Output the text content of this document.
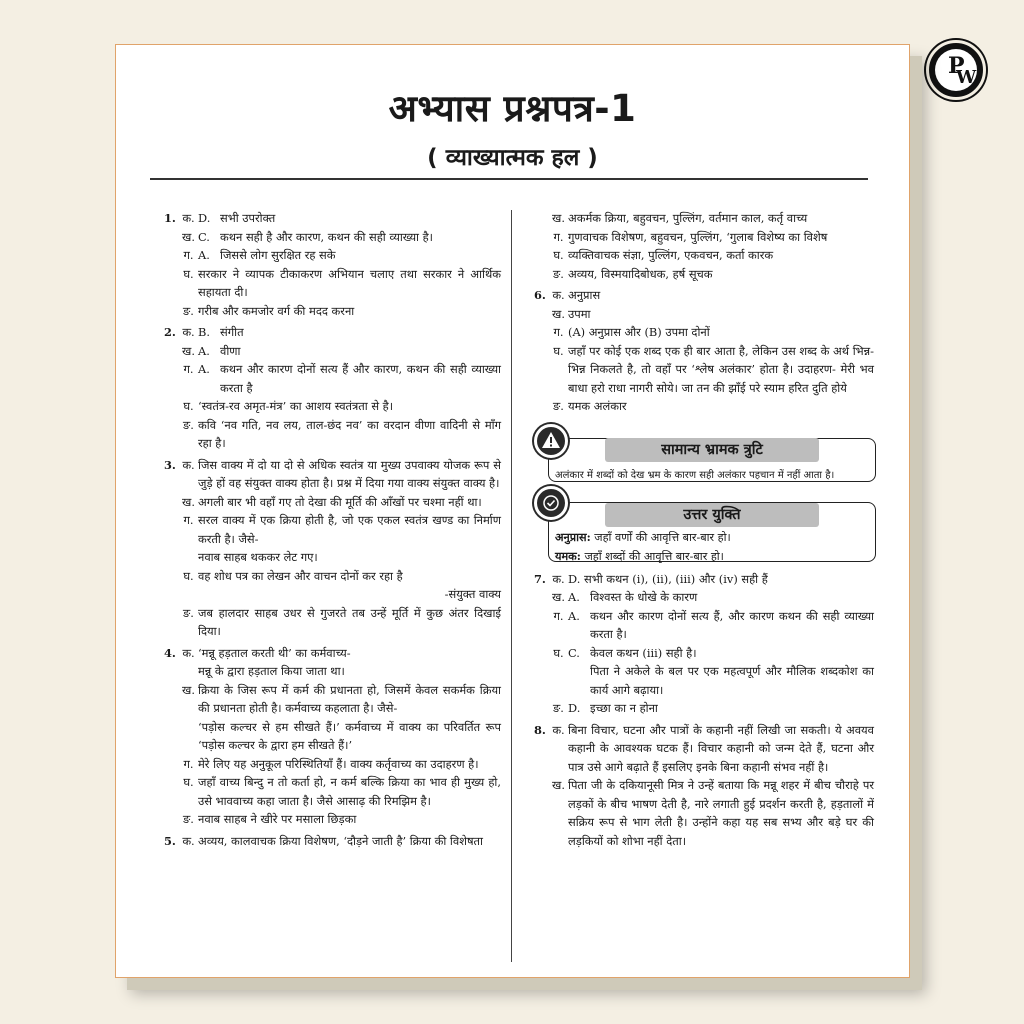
P
W
अभ्यास प्रश्नपत्र-1
( व्याख्यात्मक हल )
1. क. D. सभी उपरोक्त
ख. C. कथन सही है और कारण, कथन की सही व्याख्या है।
ग. A. जिससे लोग सुरक्षित रह सके
घ. सरकार ने व्यापक टीकाकरण अभियान चलाए तथा सरकार ने आर्थिक सहायता दी।
ङ. गरीब और कमजोर वर्ग की मदद करना
2. क. B. संगीत
ख. A. वीणा
ग. A. कथन और कारण दोनों सत्य हैं और कारण, कथन की सही व्याख्या करता है
घ. ‘स्वतंत्र-रव अमृत-मंत्र’ का आशय स्वतंत्रता से है।
ङ. कवि ‘नव गति, नव लय, ताल-छंद नव’ का वरदान वीणा वादिनी से माँग रहा है।
3. क. जिस वाक्य में दो या दो से अधिक स्वतंत्र या मुख्य उपवाक्य योजक रूप से जुड़े हों वह संयुक्त वाक्य होता है। प्रश्न में दिया गया वाक्य संयुक्त वाक्य है।
ख. अगली बार भी वहाँ गए तो देखा की मूर्ति की आँखों पर चश्मा नहीं था।
ग. सरल वाक्य में एक क्रिया होती है, जो एक एकल स्वतंत्र खण्ड का निर्माण करती है। जैसे-
नवाब साहब थककर लेट गए।
घ. वह शोध पत्र का लेखन और वाचन दोनों कर रहा है
-संयुक्त वाक्य
ङ. जब हालदार साहब उधर से गुजरते तब उन्हें मूर्ति में कुछ अंतर दिखाई दिया।
4. क. ‘मन्नू हड़ताल करती थी’ का कर्मवाच्य-
मन्नू के द्वारा हड़ताल किया जाता था।
ख. क्रिया के जिस रूप में कर्म की प्रधानता हो, जिसमें केवल सकर्मक क्रिया की प्रधानता होती है। कर्मवाच्य कहलाता है। जैसे-
‘पड़ोस कल्चर से हम सीखते हैं।’ कर्मवाच्य में वाक्य का परिवर्तित रूप ‘पड़ोस कल्चर के द्वारा हम सीखते हैं।’
ग. मेरे लिए यह अनुकूल परिस्थितियाँ हैं। वाक्य कर्तृवाच्य का उदाहरण है।
घ. जहाँ वाच्य बिन्दु न तो कर्ता हो, न कर्म बल्कि क्रिया का भाव ही मुख्य हो, उसे भाववाच्य कहा जाता है। जैसे आसाढ़ की रिमझिम है।
ङ. नवाब साहब ने खीरे पर मसाला छिड़का
5. क. अव्यय, कालवाचक क्रिया विशेषण, ‘दौड़ने जाती है’ क्रिया की विशेषता
ख. अकर्मक क्रिया, बहुवचन, पुल्लिंग, वर्तमान काल, कर्तृ वाच्य
ग. गुणवाचक विशेषण, बहुवचन, पुल्लिंग, ‘गुलाब विशेष्य का विशेष
घ. व्यक्तिवाचक संज्ञा, पुल्लिंग, एकवचन, कर्ता कारक
ङ. अव्यय, विस्मयादिबोधक, हर्ष सूचक
6. क. अनुप्रास
ख. उपमा
ग. (A) अनुप्रास और (B) उपमा दोनों
घ. जहाँ पर कोई एक शब्द एक ही बार आता है, लेकिन उस शब्द के अर्थ भिन्न-भिन्न निकलते है, तो वहाँ पर ‘श्लेष अलंकार’ होता है। उदाहरण- मेरी भव बाधा हरो राधा नागरी सोये। जा तन की झाँई परे स्याम हरित दुति होये
ङ. यमक अलंकार
सामान्य भ्रामक त्रुटि
अलंकार में शब्दों को देख भ्रम के कारण सही अलंकार पहचान में नहीं आता है।
उत्तर युक्ति
अनुप्रास: जहाँ वर्णों की आवृत्ति बार-बार हो।
यमक: जहाँ शब्दों की आवृत्ति बार-बार हो।
7. क. D. सभी कथन (i), (ii), (iii) और (iv) सही हैं
ख. A. विश्वस्त के धोखे के कारण
ग. A. कथन और कारण दोनों सत्य हैं, और कारण कथन की सही व्याख्या करता है।
घ. C. केवल कथन (iii) सही है।
पिता ने अकेले के बल पर एक महत्वपूर्ण और मौलिक शब्दकोश का कार्य आगे बढ़ाया।
ङ. D. इच्छा का न होना
8. क. बिना विचार, घटना और पात्रों के कहानी नहीं लिखी जा सकती। ये अवयव कहानी के आवश्यक घटक हैं। विचार कहानी को जन्म देते हैं, घटना और पात्र उसे आगे बढ़ाते हैं इसलिए इनके बिना कहानी संभव नहीं है।
ख. पिता जी के दकियानूसी मित्र ने उन्हें बताया कि मन्नू शहर में बीच चौराहे पर लड़कों के बीच भाषण देती है, नारे लगाती हुई प्रदर्शन करती है, हड़तालों में सक्रिय रूप से भाग लेती है। उन्होंने कहा यह सब सभ्य और बड़े घर की लड़कियों को शोभा नहीं देता।
